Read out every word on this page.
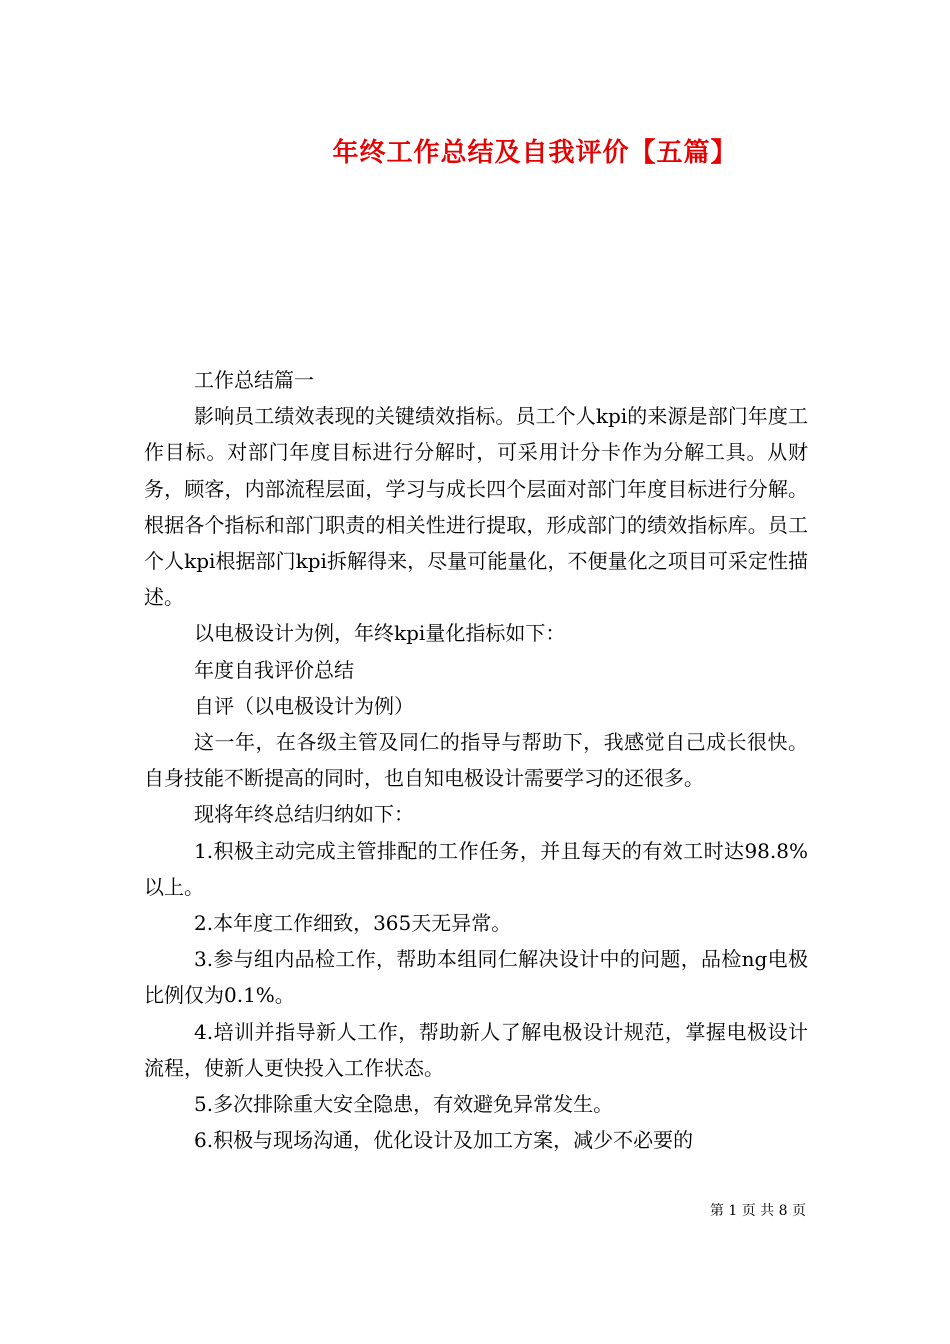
年终工作总结及自我评价【五篇】

工作总结篇一

影响员工绩效表现的关键绩效指标。员工个人kpi的来源是部门年度工作目标。对部门年度目标进行分解时，可采用计分卡作为分解工具。从财务，顾客，内部流程层面，学习与成长四个层面对部门年度目标进行分解。根据各个指标和部门职责的相关性进行提取，形成部门的绩效指标库。员工个人kpi根据部门kpi拆解得来，尽量可能量化，不便量化之项目可采定性描述。

以电极设计为例，年终kpi量化指标如下：

年度自我评价总结

自评（以电极设计为例）

这一年，在各级主管及同仁的指导与帮助下，我感觉自己成长很快。自身技能不断提高的同时，也自知电极设计需要学习的还很多。

现将年终总结归纳如下：

1.积极主动完成主管排配的工作任务，并且每天的有效工时达98.8%以上。

2.本年度工作细致，365天无异常。

3.参与组内品检工作，帮助本组同仁解决设计中的问题，品检ng电极比例仅为0.1%。

4.培训并指导新人工作，帮助新人了解电极设计规范，掌握电极设计流程，使新人更快投入工作状态。

5.多次排除重大安全隐患，有效避免异常发生。

6.积极与现场沟通，优化设计及加工方案，减少不必要的

第 1 页 共 8 页
